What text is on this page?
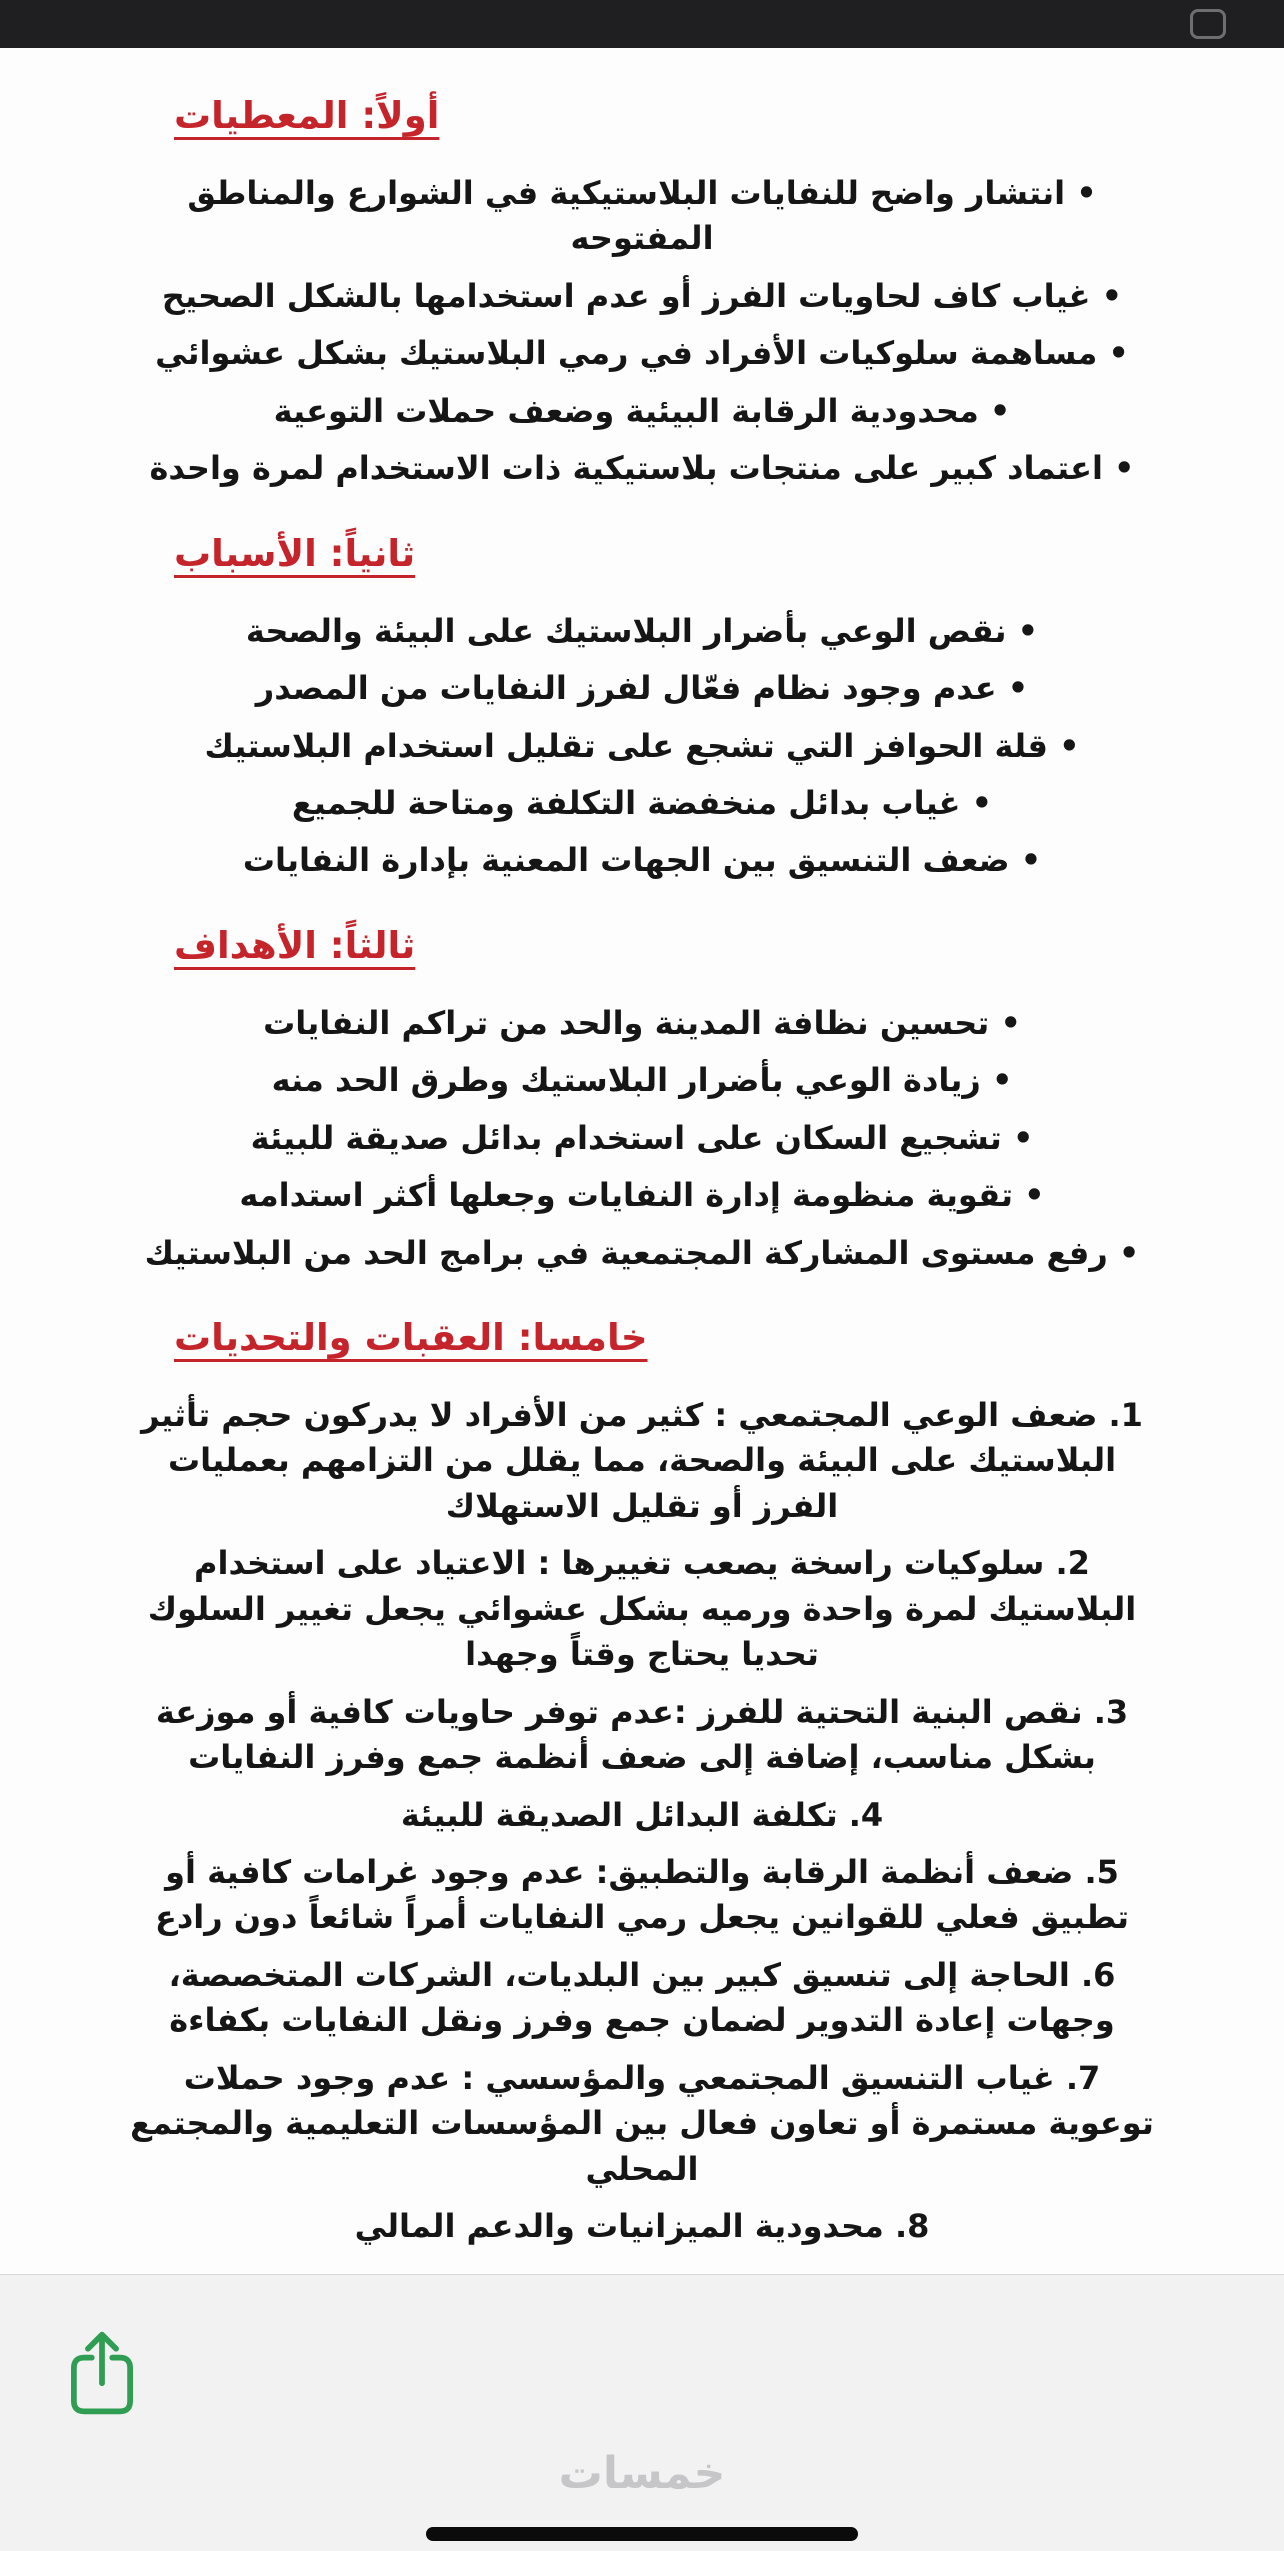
أولاً: المعطيات

• انتشار واضح للنفايات البلاستيكية في الشوارع والمناطق المفتوحه

• غياب كاف لحاويات الفرز أو عدم استخدامها بالشكل الصحيح

• مساهمة سلوكيات الأفراد في رمي البلاستيك بشكل عشوائي

• محدودية الرقابة البيئية وضعف حملات التوعية

• اعتماد كبير على منتجات بلاستيكية ذات الاستخدام لمرة واحدة

ثانياً: الأسباب

• نقص الوعي بأضرار البلاستيك على البيئة والصحة

• عدم وجود نظام فعّال لفرز النفايات من المصدر

• قلة الحوافز التي تشجع على تقليل استخدام البلاستيك

• غياب بدائل منخفضة التكلفة ومتاحة للجميع

• ضعف التنسيق بين الجهات المعنية بإدارة النفايات

ثالثاً: الأهداف

• تحسين نظافة المدينة والحد من تراكم النفايات

• زيادة الوعي بأضرار البلاستيك وطرق الحد منه

• تشجيع السكان على استخدام بدائل صديقة للبيئة

• تقوية منظومة إدارة النفايات وجعلها أكثر استدامه

• رفع مستوى المشاركة المجتمعية في برامج الحد من البلاستيك

خامسا: العقبات والتحديات

1. ضعف الوعي المجتمعي : كثير من الأفراد لا يدركون حجم تأثير البلاستيك على البيئة والصحة، مما يقلل من التزامهم بعمليات الفرز أو تقليل الاستهلاك

2. سلوكيات راسخة يصعب تغييرها : الاعتياد على استخدام البلاستيك لمرة واحدة ورميه بشكل عشوائي يجعل تغيير السلوك تحديا يحتاج وقتاً وجهدا

3. نقص البنية التحتية للفرز :عدم توفر حاويات كافية أو موزعة بشكل مناسب، إضافة إلى ضعف أنظمة جمع وفرز النفايات

4. تكلفة البدائل الصديقة للبيئة

5. ضعف أنظمة الرقابة والتطبيق: عدم وجود غرامات كافية أو تطبيق فعلي للقوانين يجعل رمي النفايات أمراً شائعاً دون رادع

6. الحاجة إلى تنسيق كبير بين البلديات، الشركات المتخصصة، وجهات إعادة التدوير لضمان جمع وفرز ونقل النفايات بكفاءة

7. غياب التنسيق المجتمعي والمؤسسي : عدم وجود حملات توعوية مستمرة أو تعاون فعال بين المؤسسات التعليمية والمجتمع المحلي

8. محدودية الميزانيات والدعم المالي

خمسات
